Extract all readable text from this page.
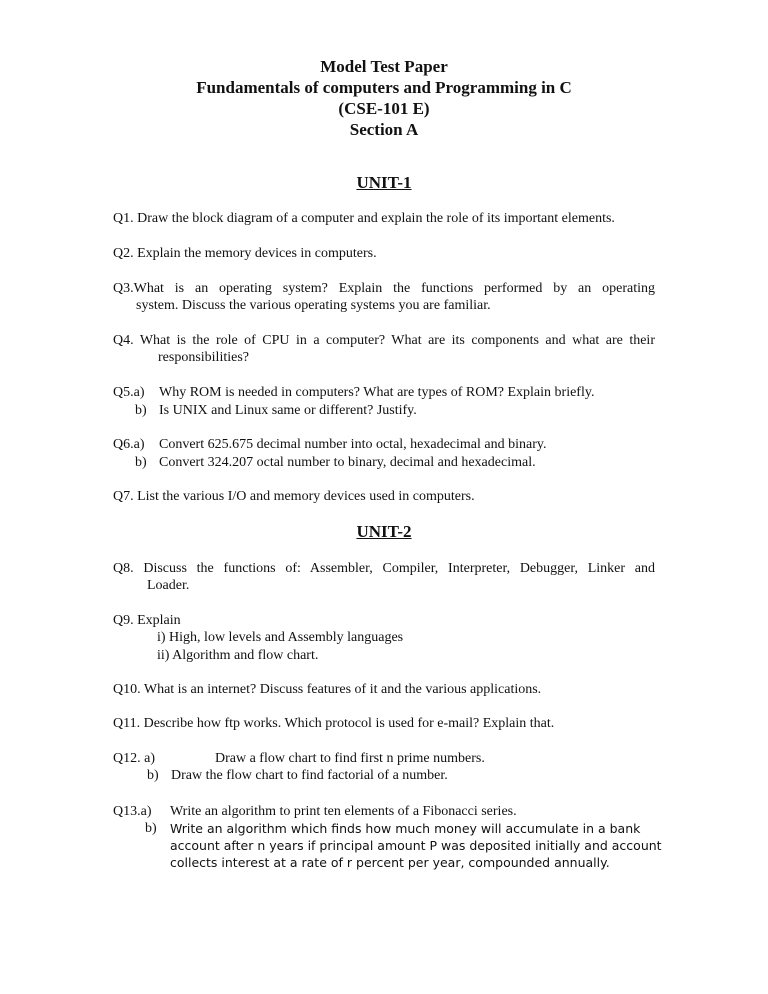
Model Test Paper
Fundamentals of computers and Programming in C
(CSE-101 E)
Section A
UNIT-1
Q1. Draw the block diagram of a computer and explain the role of its important elements.
Q2. Explain the memory devices in computers.
Q3.What is an operating system? Explain the functions performed by an operating
system. Discuss the various operating systems you are familiar.
Q4. What is the role of CPU in a computer? What are its components and what are their
responsibilities?
Q5.a) Why ROM is needed in computers? What are types of ROM? Explain briefly.
b) Is UNIX and Linux same or different? Justify.
Q6.a) Convert 625.675 decimal number into octal, hexadecimal and binary.
b) Convert 324.207 octal number to binary, decimal and hexadecimal.
Q7. List the various I/O and memory devices used in computers.
UNIT-2
Q8. Discuss the functions of: Assembler, Compiler, Interpreter, Debugger, Linker and
Loader.
Q9. Explain
i) High, low levels and Assembly languages
ii) Algorithm and flow chart.
Q10. What is an internet? Discuss features of it and the various applications.
Q11. Describe how ftp works. Which protocol is used for e-mail? Explain that.
Q12. a)	Draw a flow chart to find first n prime numbers.
b) Draw the flow chart to find factorial of a number.
Q13.a) Write an algorithm to print ten elements of a Fibonacci series.
b) Write an algorithm which finds how much money will accumulate in a bank
account after n years if principal amount P was deposited initially and account
collects interest at a rate of r percent per year, compounded annually.
